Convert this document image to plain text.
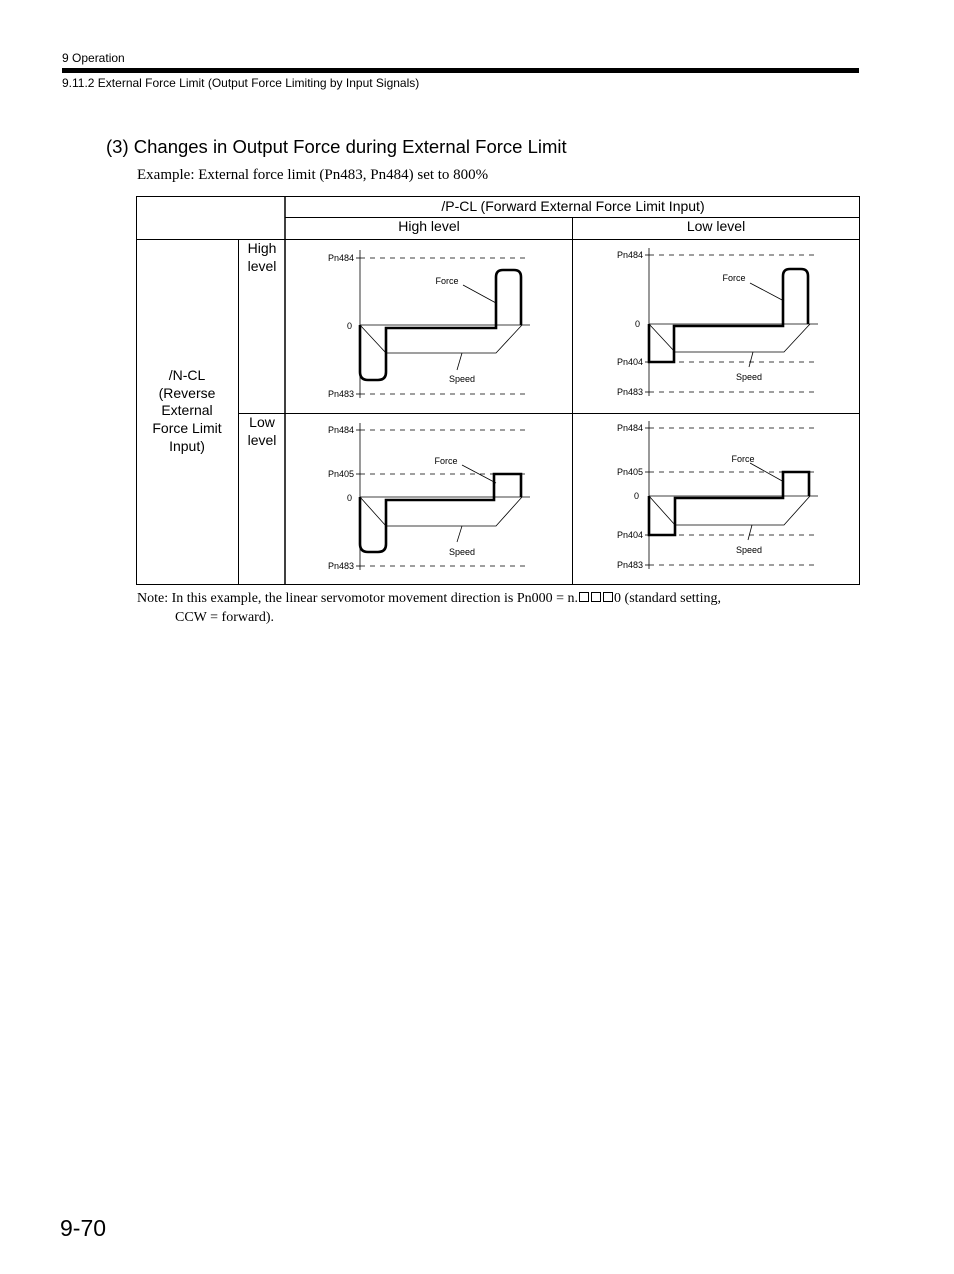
9 Operation
9.11.2 External Force Limit (Output Force Limiting by Input Signals)
(3) Changes in Output Force during External Force Limit
Example: External force limit (Pn483, Pn484) set to 800%
/P-CL (Forward External Force Limit Input)
High level	Low level
/N-CL
(Reverse
External
Force Limit
Input)
High
level
Low
level
Pn484
Pn483
0
Force
Speed
Pn484
Pn404
Pn483
0
Force
Speed
Pn484
Pn405
Pn483
0
Force
Speed
Pn484
Pn405
Pn404
Pn483
0
Force
Speed
Note: In this example, the linear servomotor movement direction is Pn000 = n.	0 (standard setting,
CCW = forward).
9-70
